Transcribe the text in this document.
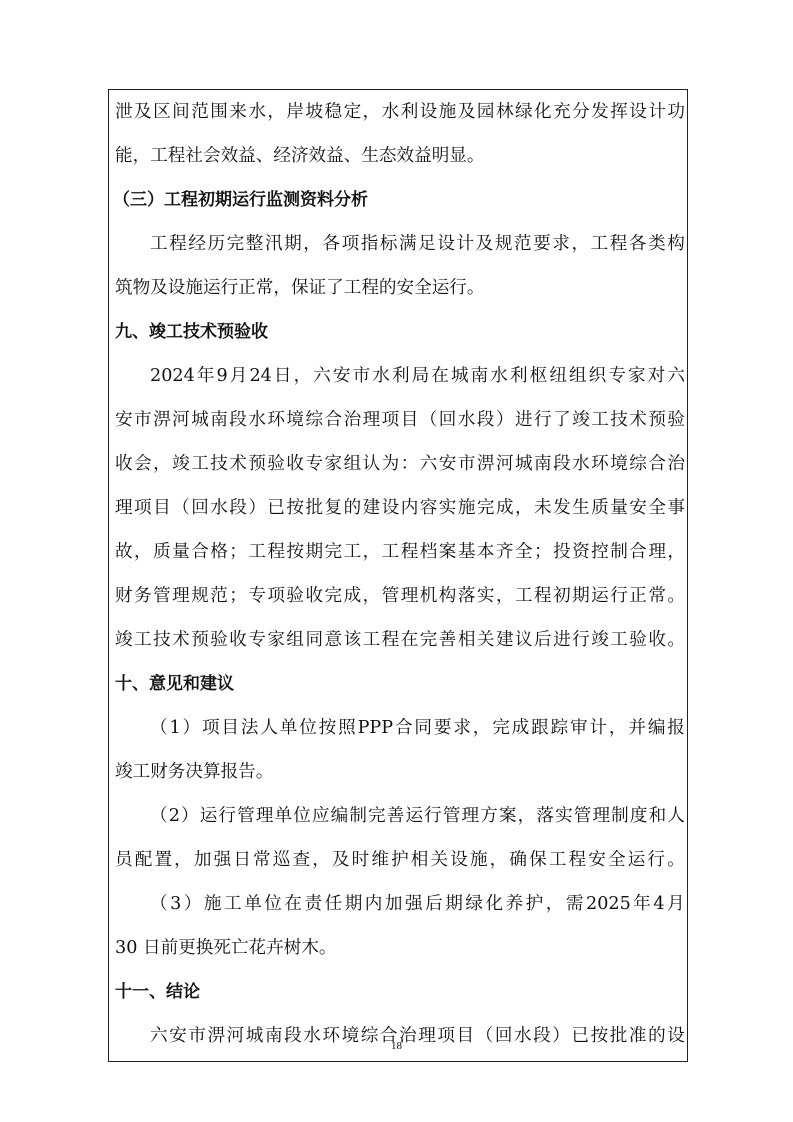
泄 及 区 间 范 围 来 水 ， 岸 坡 稳 定 ， 水 利 设 施 及 园 林 绿 化 充 分 发 挥 设 计 功
能，工程社会效益、经济效益、生态效益明显。
（三）工程初期运行监测资料分析
工 程 经 历 完 整 汛 期 ， 各 项 指 标 满 足 设 计 及 规 范 要 求 ， 工 程 各 类 构
筑物及设施运行正常，保证了工程的安全运行。
九、竣工技术预验收
2024 年 9 月 24 日 ， 六 安 市 水 利 局 在 城 南 水 利 枢 纽 组 织 专 家 对 六
安 市 淠 河 城 南 段 水 环 境 综 合 治 理 项 目 （ 回 水 段 ） 进 行 了 竣 工 技 术 预 验
收 会 ， 竣 工 技 术 预 验 收 专 家 组 认 为 ： 六 安 市 淠 河 城 南 段 水 环 境 综 合 治
理 项 目 （ 回 水 段 ） 已 按 批 复 的 建 设 内 容 实 施 完 成 ， 未 发 生 质 量 安 全 事
故 ， 质 量 合 格 ； 工 程 按 期 完 工 ， 工 程 档 案 基 本 齐 全 ； 投 资 控 制 合 理 ，
财 务 管 理 规 范 ； 专 项 验 收 完 成 ， 管 理 机 构 落 实 ， 工 程 初 期 运 行 正 常 。
竣 工 技 术 预 验 收 专 家 组 同 意 该 工 程 在 完 善 相 关 建 议 后 进 行 竣 工 验 收 。
十、意见和建议
（ 1 ） 项 目 法 人 单 位 按 照 PPP 合 同 要 求 ， 完 成 跟 踪 审 计 ， 并 编 报
竣工财务决算报告。
（ 2 ） 运 行 管 理 单 位 应 编 制 完 善 运 行 管 理 方 案 ， 落 实 管 理 制 度 和 人
员 配 置 ， 加 强 日 常 巡 查 ， 及 时 维 护 相 关 设 施 ， 确 保 工 程 安 全 运 行 。
（ 3 ） 施 工 单 位 在 责 任 期 内 加 强 后 期 绿 化 养 护 ， 需 2025 年 4 月
30 日前更换死亡花卉树木。
十一、结论
六 安 市 淠 河 城 南 段 水 环 境 综 合 治 理 项 目 （ 回 水 段 ） 已 按 批 准 的 设
18
